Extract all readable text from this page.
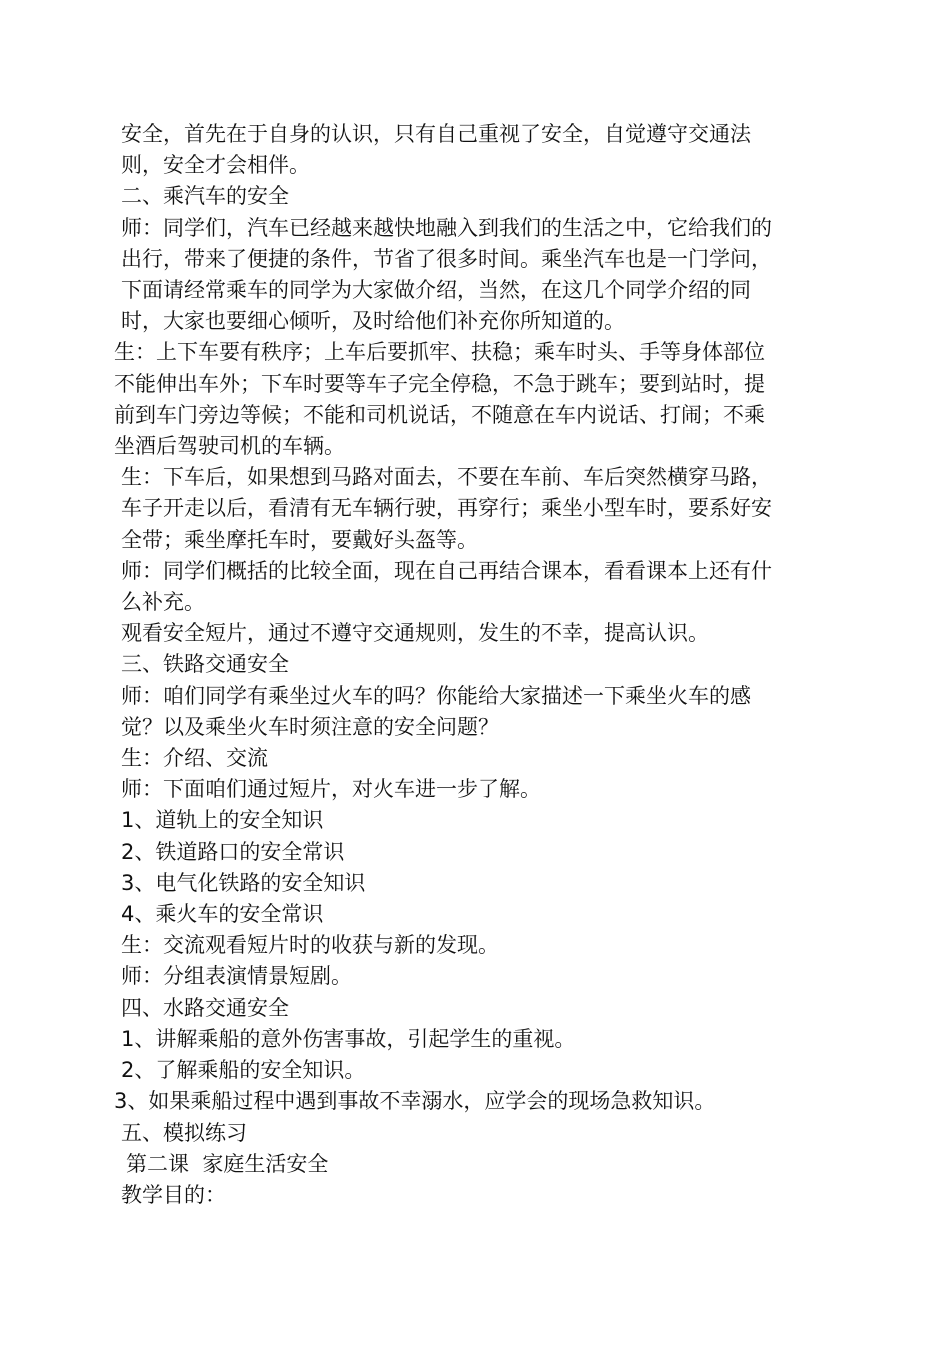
安全，首先在于自身的认识，只有自己重视了安全，自觉遵守交通法则，安全才会相伴。

二、乘汽车的安全

师：同学们，汽车已经越来越快地融入到我们的生活之中，它给我们的出行，带来了便捷的条件，节省了很多时间。乘坐汽车也是一门学问，下面请经常乘车的同学为大家做介绍，当然，在这几个同学介绍的同时，大家也要细心倾听，及时给他们补充你所知道的。

生：上下车要有秩序；上车后要抓牢、扶稳；乘车时头、手等身体部位不能伸出车外；下车时要等车子完全停稳，不急于跳车；要到站时，提前到车门旁边等候；不能和司机说话，不随意在车内说话、打闹；不乘坐酒后驾驶司机的车辆。

生：下车后，如果想到马路对面去，不要在车前、车后突然横穿马路，车子开走以后，看清有无车辆行驶，再穿行；乘坐小型车时，要系好安全带；乘坐摩托车时，要戴好头盔等。

师：同学们概括的比较全面，现在自己再结合课本，看看课本上还有什么补充。

观看安全短片，通过不遵守交通规则，发生的不幸，提高认识。

三、铁路交通安全

师：咱们同学有乘坐过火车的吗？你能给大家描述一下乘坐火车的感觉？以及乘坐火车时须注意的安全问题？

生：介绍、交流

师：下面咱们通过短片，对火车进一步了解。

1、道轨上的安全知识

2、铁道路口的安全常识

3、电气化铁路的安全知识

4、乘火车的安全常识

生：交流观看短片时的收获与新的发现。

师：分组表演情景短剧。

四、水路交通安全

1、讲解乘船的意外伤害事故，引起学生的重视。

2、了解乘船的安全知识。

3、如果乘船过程中遇到事故不幸溺水，应学会的现场急救知识。

五、模拟练习

第二课  家庭生活安全

教学目的：
